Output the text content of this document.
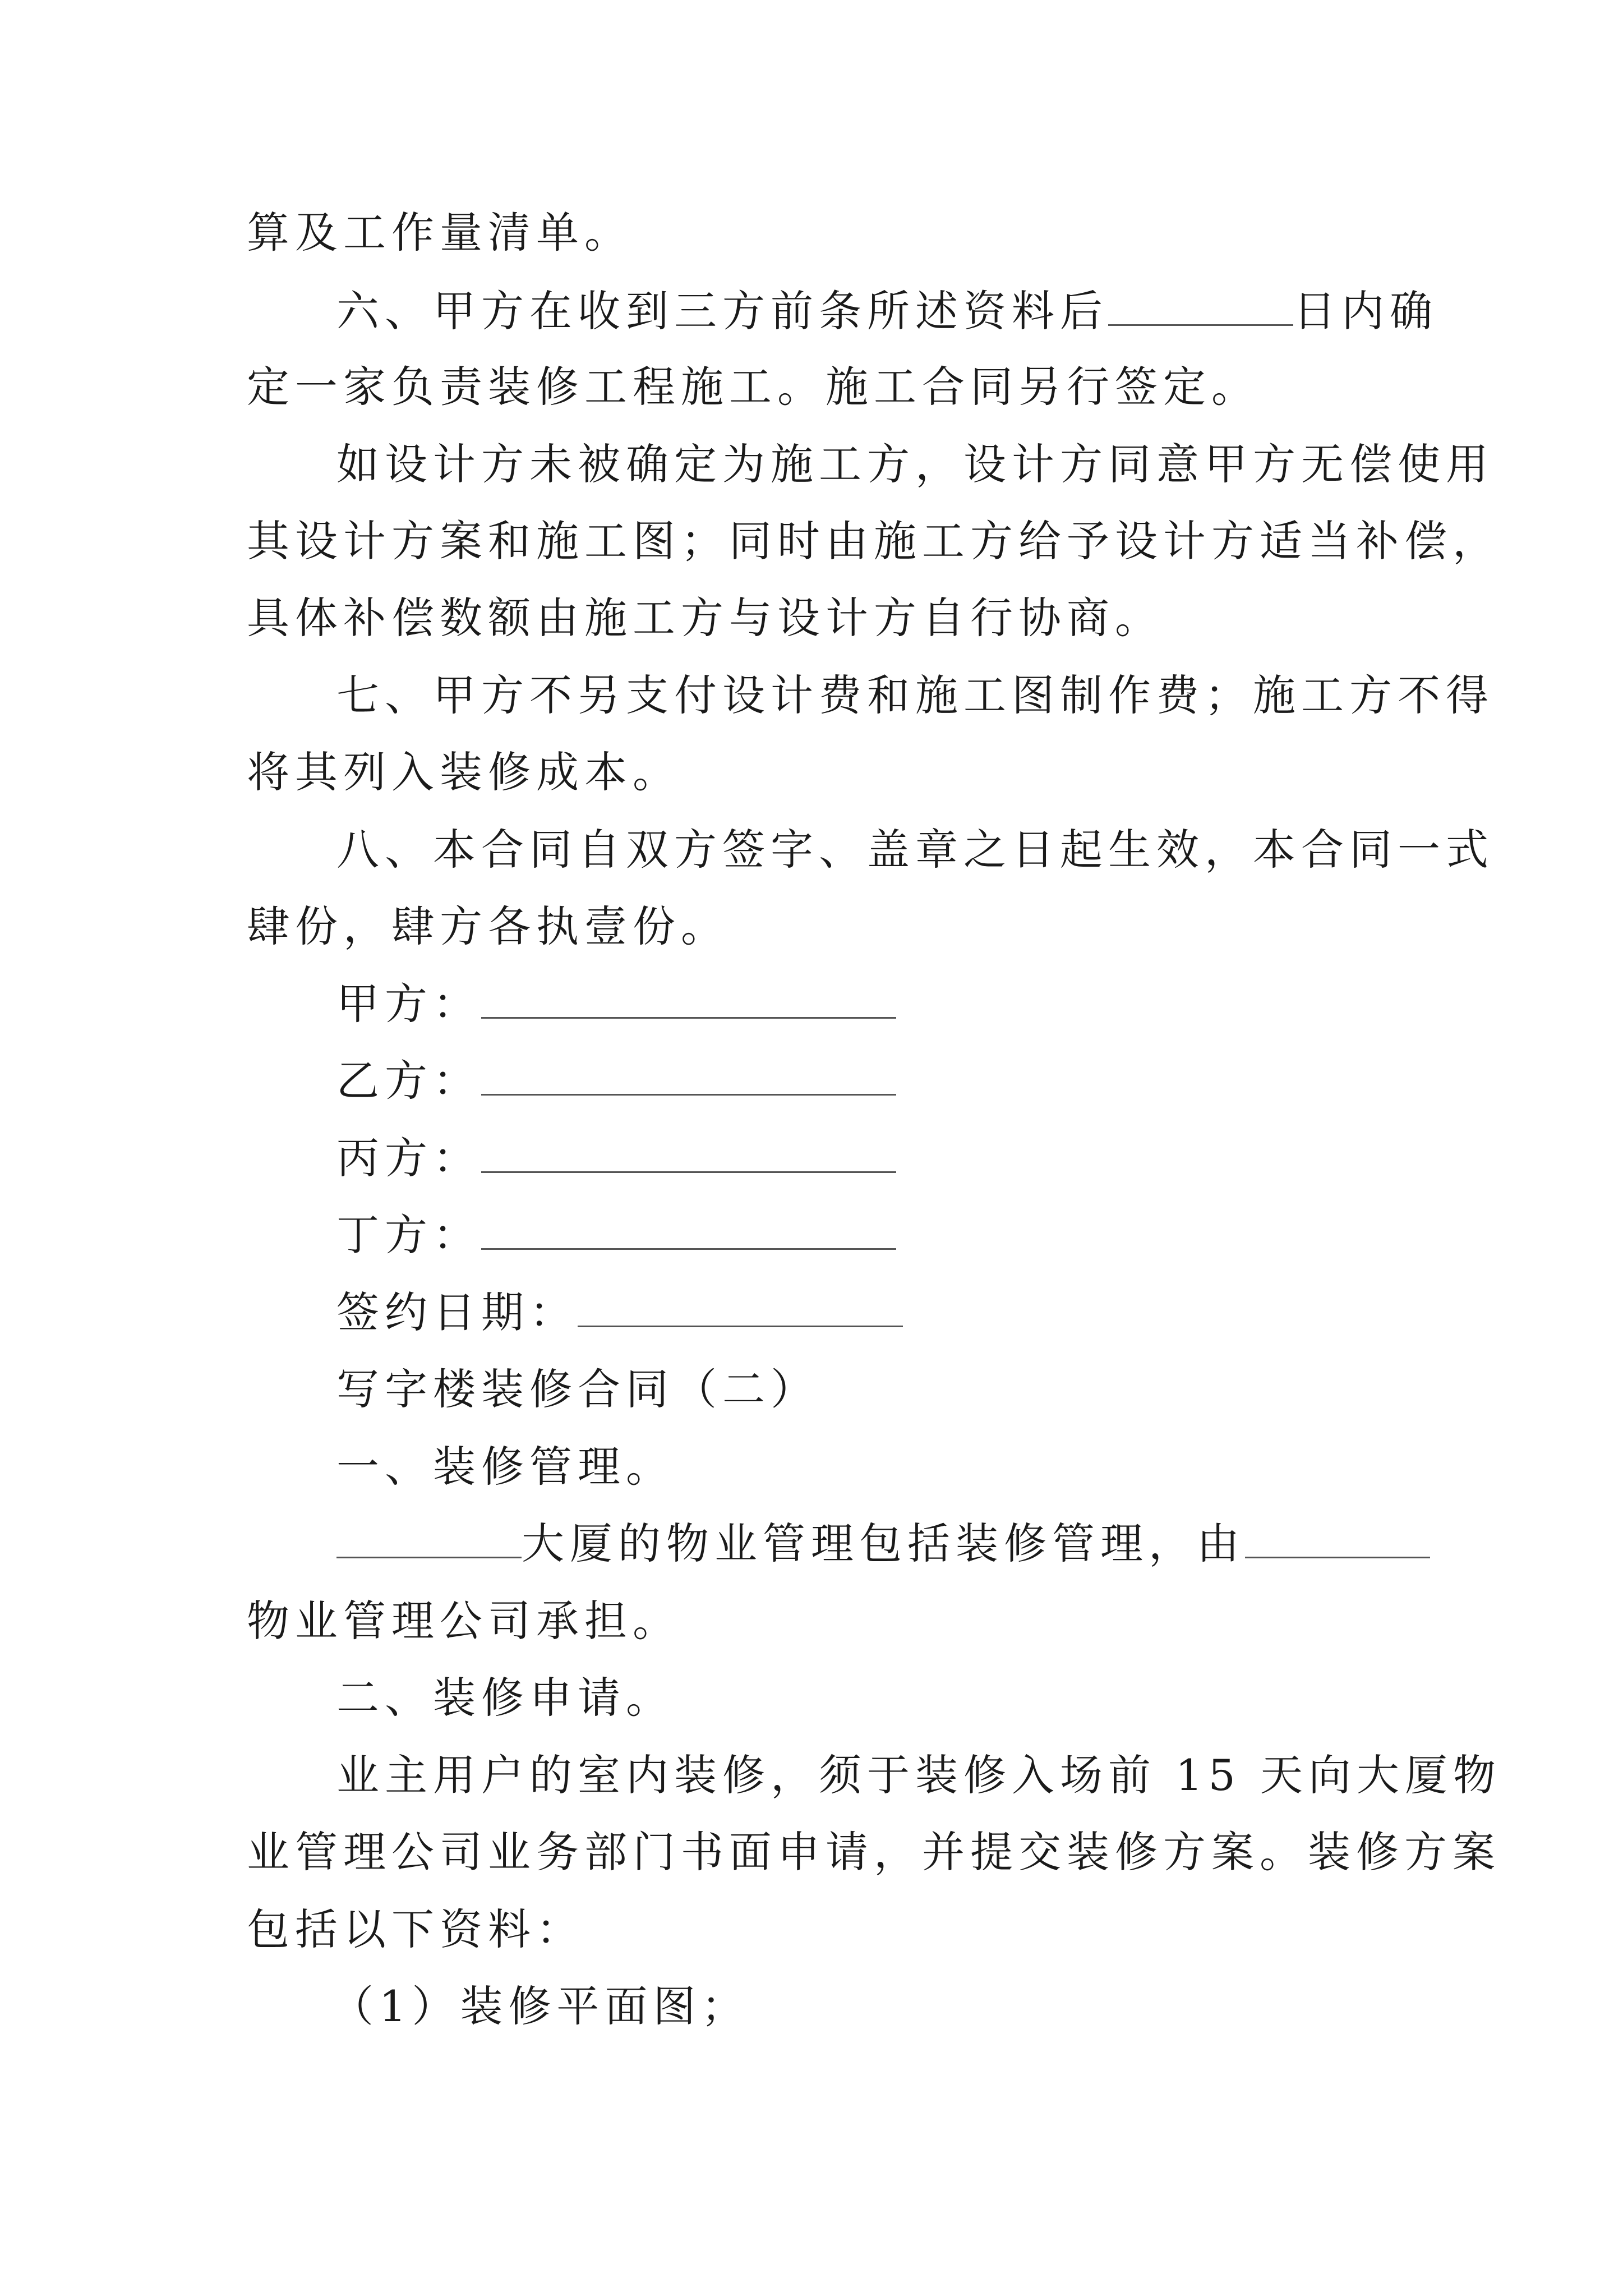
算及工作量清单。
六、甲方在收到三方前条所述资料后	日内确
定一家负责装修工程施工。施工合同另行签定。
如设计方未被确定为施工方，设计方同意甲方无偿使用
其设计方案和施工图；同时由施工方给予设计方适当补偿，
具体补偿数额由施工方与设计方自行协商。
七、甲方不另支付设计费和施工图制作费；施工方不得
将其列入装修成本。
八、本合同自双方签字、盖章之日起生效，本合同一式
肆份，肆方各执壹份。
甲方：
乙方：
丙方：
丁方：
签约日期：
写字楼装修合同（二）
一、装修管理。
大厦的物业管理包括装修管理，由
物业管理公司承担。
二、装修申请。
业主用户的室内装修，须于装修入场前 15 天向大厦物
业管理公司业务部门书面申请，并提交装修方案。装修方案
包括以下资料：
（1）装修平面图；
